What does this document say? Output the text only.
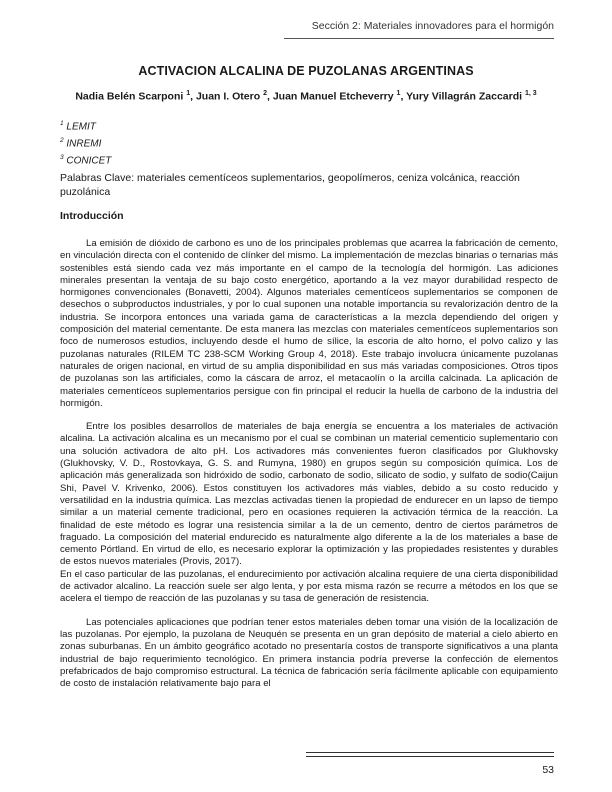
Sección 2: Materiales innovadores para el hormigón
ACTIVACION ALCALINA DE PUZOLANAS ARGENTINAS
Nadia Belén Scarponi $^1$, Juan I. Otero $^2$, Juan Manuel Etcheverry $^1$, Yury Villagrán Zaccardi $^{1, 3}$
$^1$ LEMIT
$^2$ INREMI
$^3$ CONICET
Palabras Clave: materiales cementíceos suplementarios, geopolímeros, ceniza volcánica, reacción puzolánica
Introducción

La emisión de dióxido de carbono es uno de los principales problemas que acarrea la fabricación de cemento, en vinculación directa con el contenido de clínker del mismo. La implementación de mezclas binarias o ternarias más sostenibles está siendo cada vez más importante en el campo de la tecnología del hormigón. Las adiciones minerales presentan la ventaja de su bajo costo energético, aportando a la vez mayor durabilidad respecto de hormigones convencionales (Bonavetti, 2004). Algunos materiales cementíceos suplementarios se componen de desechos o subproductos industriales, y por lo cual suponen una notable importancia su revalorización dentro de la industria. Se incorpora entonces una variada gama de características a la mezcla dependiendo del origen y composición del material cementante. De esta manera las mezclas con materiales cementíceos suplementarios son foco de numerosos estudios, incluyendo desde el humo de sílice, la escoria de alto horno, el polvo calizo y las puzolanas naturales (RILEM TC 238-SCM Working Group 4, 2018). Este trabajo involucra únicamente puzolanas naturales de origen nacional, en virtud de su amplia disponibilidad en sus más variadas composiciones. Otros tipos de puzolanas son las artificiales, como la cáscara de arroz, el metacaolín o la arcilla calcinada. La aplicación de materiales cementíceos suplementarios persigue con fin principal el reducir la huella de carbono de la industria del hormigón.

Entre los posibles desarrollos de materiales de baja energía se encuentra a los materiales de activación alcalina. La activación alcalina es un mecanismo por el cual se combinan un material cementicio suplementario con una solución activadora de alto pH. Los activadores más convenientes fueron clasificados por Glukhovsky (Glukhovsky, V. D., Rostovkaya, G. S. and Rumyna, 1980) en grupos según su composición química. Los de aplicación más generalizada son hidróxido de sodio, carbonato de sodio, silicato de sodio, y sulfato de sodio(Caijun Shi, Pavel V. Krivenko, 2006). Estos constituyen los activadores más viables, debido a su costo reducido y versatilidad en la industria química. Las mezclas activadas tienen la propiedad de endurecer en un lapso de tiempo similar a un material cemente tradicional, pero en ocasiones requieren la activación térmica de la reacción. La finalidad de este método es lograr una resistencia similar a la de un cemento, dentro de ciertos parámetros de fraguado. La composición del material endurecido es naturalmente algo diferente a la de los materiales a base de cemento Pórtland. En virtud de ello, es necesario explorar la optimización y las propiedades resistentes y durables de estos nuevos materiales (Provis, 2017).

En el caso particular de las puzolanas, el endurecimiento por activación alcalina requiere de una cierta disponibilidad de activador alcalino. La reacción suele ser algo lenta, y por esta misma razón se recurre a métodos en los que se acelera el tiempo de reacción de las puzolanas y su tasa de generación de resistencia.

Las potenciales aplicaciones que podrían tener estos materiales deben tomar una visión de la localización de las puzolanas. Por ejemplo, la puzolana de Neuquén se presenta en un gran depósito de material a cielo abierto en zonas suburbanas. En un ámbito geográfico acotado no presentaría costos de transporte significativos a una planta industrial de bajo requerimiento tecnológico. En primera instancia podría preverse la confección de elementos prefabricados de bajo compromiso estructural. La técnica de fabricación sería fácilmente aplicable con equipamiento de costo de instalación relativamente bajo para el

53
